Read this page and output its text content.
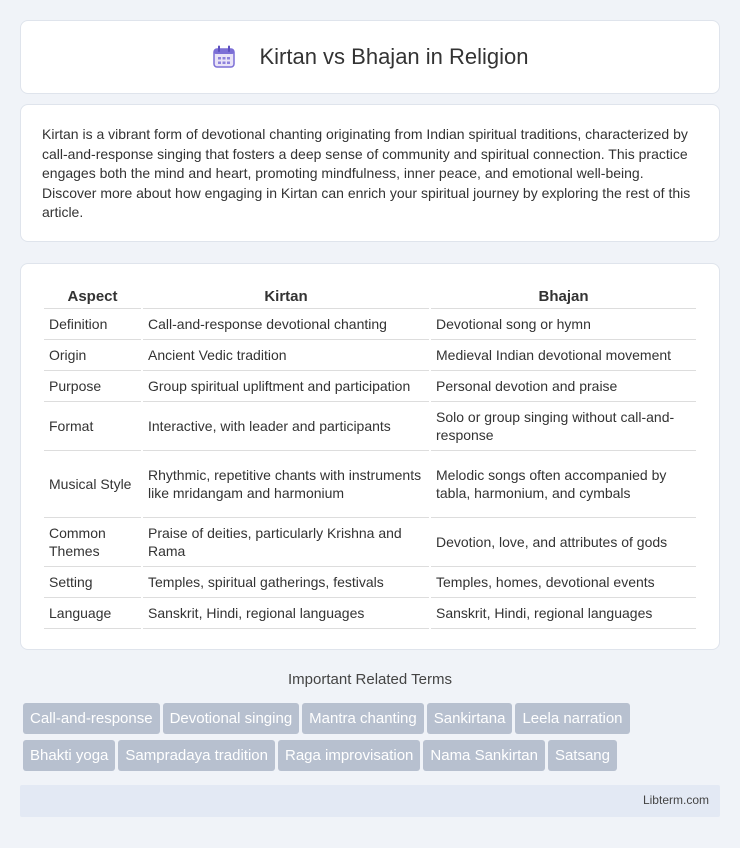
Kirtan vs Bhajan in Religion

Kirtan is a vibrant form of devotional chanting originating from Indian spiritual traditions, characterized by call-and-response singing that fosters a deep sense of community and spiritual connection. This practice engages both the mind and heart, promoting mindfulness, inner peace, and emotional well-being. Discover more about how engaging in Kirtan can enrich your spiritual journey by exploring the rest of this article.

Aspect	Kirtan	Bhajan
Definition	Call-and-response devotional chanting	Devotional song or hymn
Origin	Ancient Vedic tradition	Medieval Indian devotional movement
Purpose	Group spiritual upliftment and participation	Personal devotion and praise
Format	Interactive, with leader and participants	Solo or group singing without call-and-response
Musical Style	Rhythmic, repetitive chants with instruments like mridangam and harmonium	Melodic songs often accompanied by tabla, harmonium, and cymbals
Common Themes	Praise of deities, particularly Krishna and Rama	Devotion, love, and attributes of gods
Setting	Temples, spiritual gatherings, festivals	Temples, homes, devotional events
Language	Sanskrit, Hindi, regional languages	Sanskrit, Hindi, regional languages
Important Related Terms
Call-and-response Devotional singing Mantra chanting Sankirtana Leela narration
Bhakti yoga Sampradaya tradition Raga improvisation Nama Sankirtan Satsang
Libterm.com
